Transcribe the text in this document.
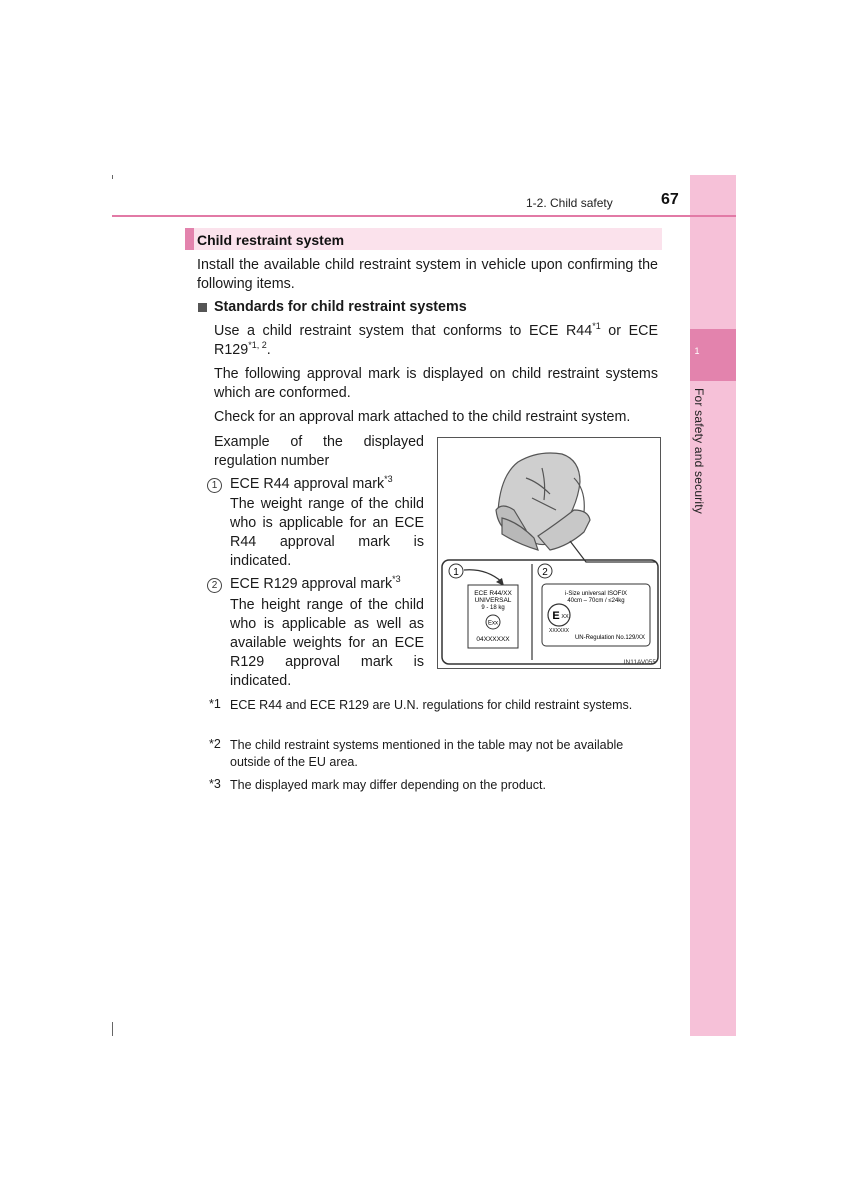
1
For safety and security
1-2. Child safety	67
Child restraint system
Install the available child restraint system in vehicle upon confirming the following items.
Standards for child restraint systems
Use a child restraint system that conforms to ECE R44$^{*1}$ or ECE R129$^{*1, 2}$.
The following approval mark is displayed on child restraint systems which are conformed.
Check for an approval mark attached to the child restraint system.
Example of the displayed regulation number
1 ECE R44 approval mark$^{*3}$
The weight range of the child who is applicable for an ECE R44 approval mark is indicated.
2 ECE R129 approval mark$^{*3}$
The height range of the child who is applicable as well as available weights for an ECE R129 approval mark is indicated.
1	2
ECE R44/XX
UNIVERSAL
9 - 18 kg
Exx
04XXXXXX
i-Size universal ISOFIX
40cm – 70cm / ≤24kg
E XX
XXXXXX
UN-Regulation No.129/XX
IN11AV055
*1 ECE R44 and ECE R129 are U.N. regulations for child restraint systems.
*2 The child restraint systems mentioned in the table may not be available outside of the EU area.
*3 The displayed mark may differ depending on the product.
